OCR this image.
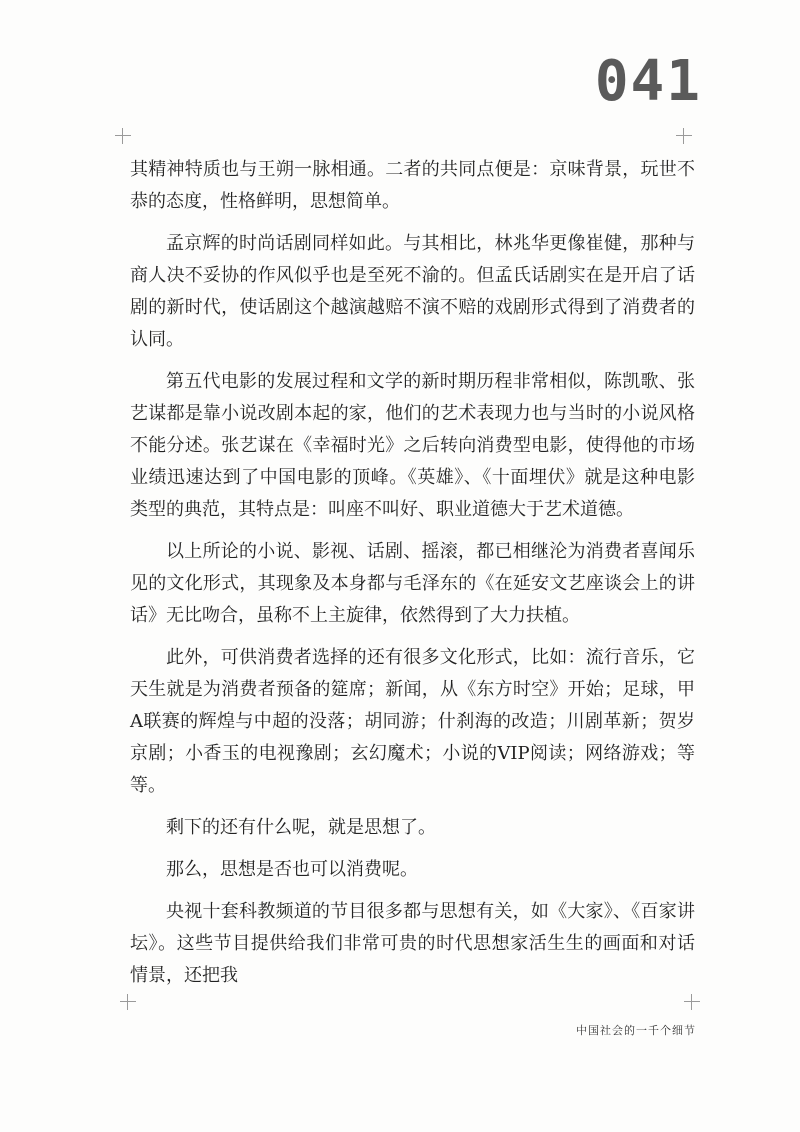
041

其精神特质也与王朔一脉相通。二者的共同点便是：京味背景，玩世不恭的态度，性格鲜明，思想简单。

孟京辉的时尚话剧同样如此。与其相比，林兆华更像崔健，那种与商人决不妥协的作风似乎也是至死不渝的。但孟氏话剧实在是开启了话剧的新时代，使话剧这个越演越赔不演不赔的戏剧形式得到了消费者的认同。

第五代电影的发展过程和文学的新时期历程非常相似，陈凯歌、张艺谋都是靠小说改剧本起的家，他们的艺术表现力也与当时的小说风格不能分述。张艺谋在《幸福时光》之后转向消费型电影，使得他的市场业绩迅速达到了中国电影的顶峰。《英雄》、《十面埋伏》就是这种电影类型的典范，其特点是：叫座不叫好、职业道德大于艺术道德。

以上所论的小说、影视、话剧、摇滚，都已相继沦为消费者喜闻乐见的文化形式，其现象及本身都与毛泽东的《在延安文艺座谈会上的讲话》无比吻合，虽称不上主旋律，依然得到了大力扶植。

此外，可供消费者选择的还有很多文化形式，比如：流行音乐，它天生就是为消费者预备的筵席；新闻，从《东方时空》开始；足球，甲A联赛的辉煌与中超的没落；胡同游；什刹海的改造；川剧革新；贺岁京剧；小香玉的电视豫剧；玄幻魔术；小说的VIP阅读；网络游戏；等等。

剩下的还有什么呢，就是思想了。

那么，思想是否也可以消费呢。

央视十套科教频道的节目很多都与思想有关，如《大家》、《百家讲坛》。这些节目提供给我们非常可贵的时代思想家活生生的画面和对话情景，还把我

中国社会的一千个细节
